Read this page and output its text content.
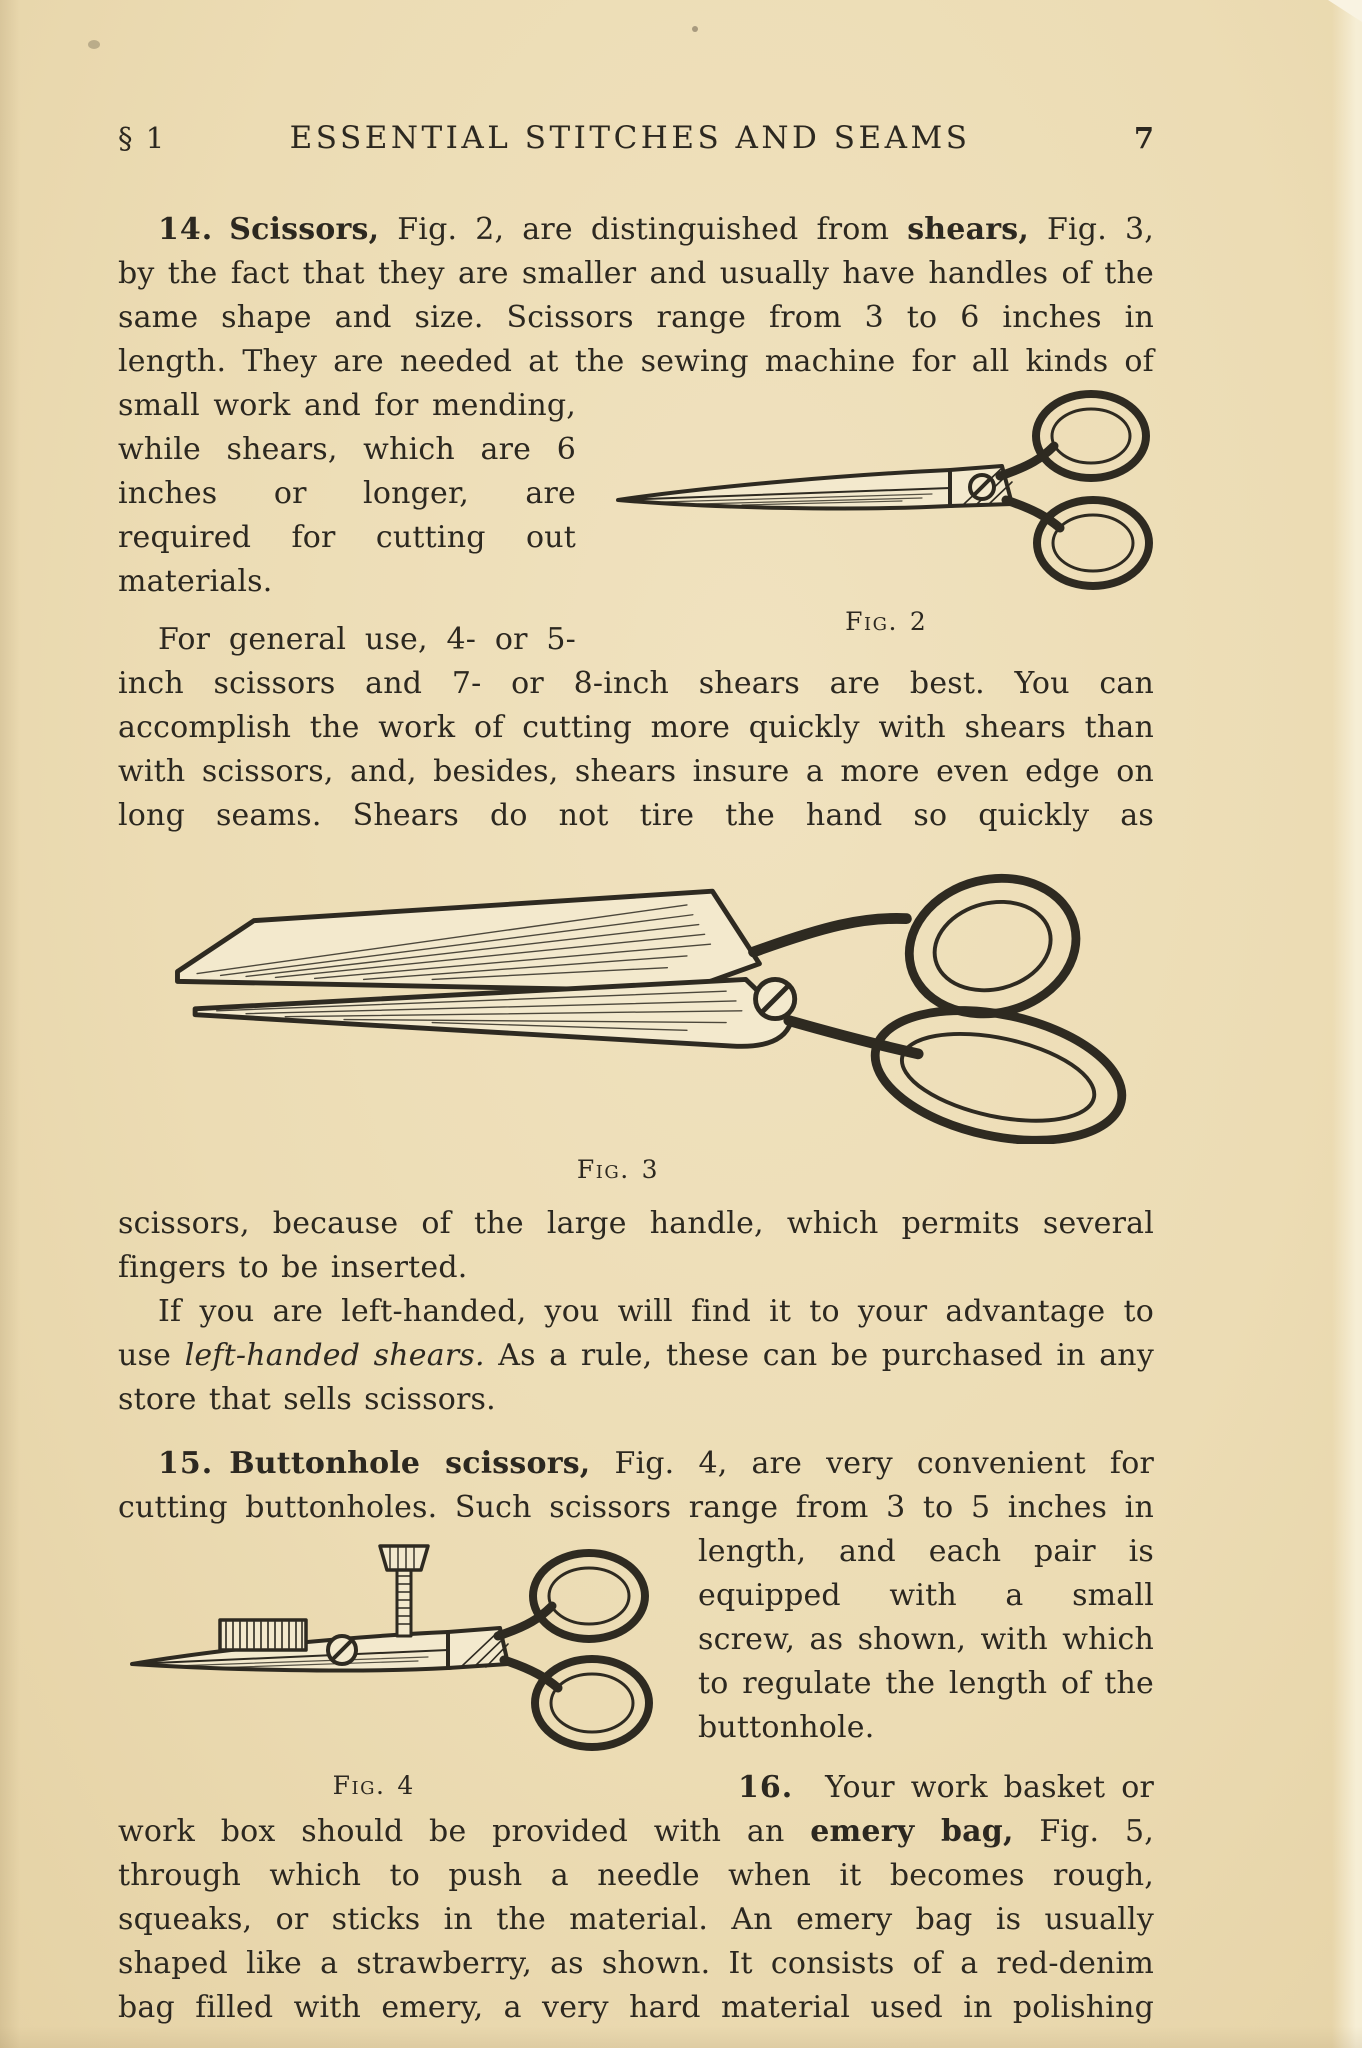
§ 1	ESSENTIAL STITCHES AND SEAMS	7

14. Scissors, Fig. 2, are distinguished from shears, Fig. 3, by the fact that they are smaller and usually have handles of the same shape and size. Scissors range from 3 to 6 inches in length. They are needed at the sewing machine for all kinds of small work
Fig. 2
and for mending, while shears, which are 6 inches or longer, are required for cutting out materials.

For general use, 4- or 5-inch scissors and 7- or 8-inch shears are best. You can accomplish the work of cutting more quickly with shears than with scissors, and, besides, shears insure a more even edge on long seams. Shears do not tire the hand so quickly as

Fig. 3

scissors, because of the large handle, which permits several fingers to be inserted.

If you are left-handed, you will find it to your advantage to use left-handed shears. As a rule, these can be purchased in any store that sells scissors.

15. Buttonhole scissors, Fig. 4, are very convenient for cutting buttonholes. Such scissors range from 3 to 5 inches in
Fig. 4
length, and each pair is equipped with a small screw, as shown, with which to regulate the length of the buttonhole.

16. Your work basket or work box should be provided with an emery bag, Fig. 5, through which to push a needle when it becomes rough, squeaks, or sticks in the material. An emery bag is usually shaped like a strawberry, as shown. It consists of a red-denim bag filled with emery, a very hard material used in polishing
